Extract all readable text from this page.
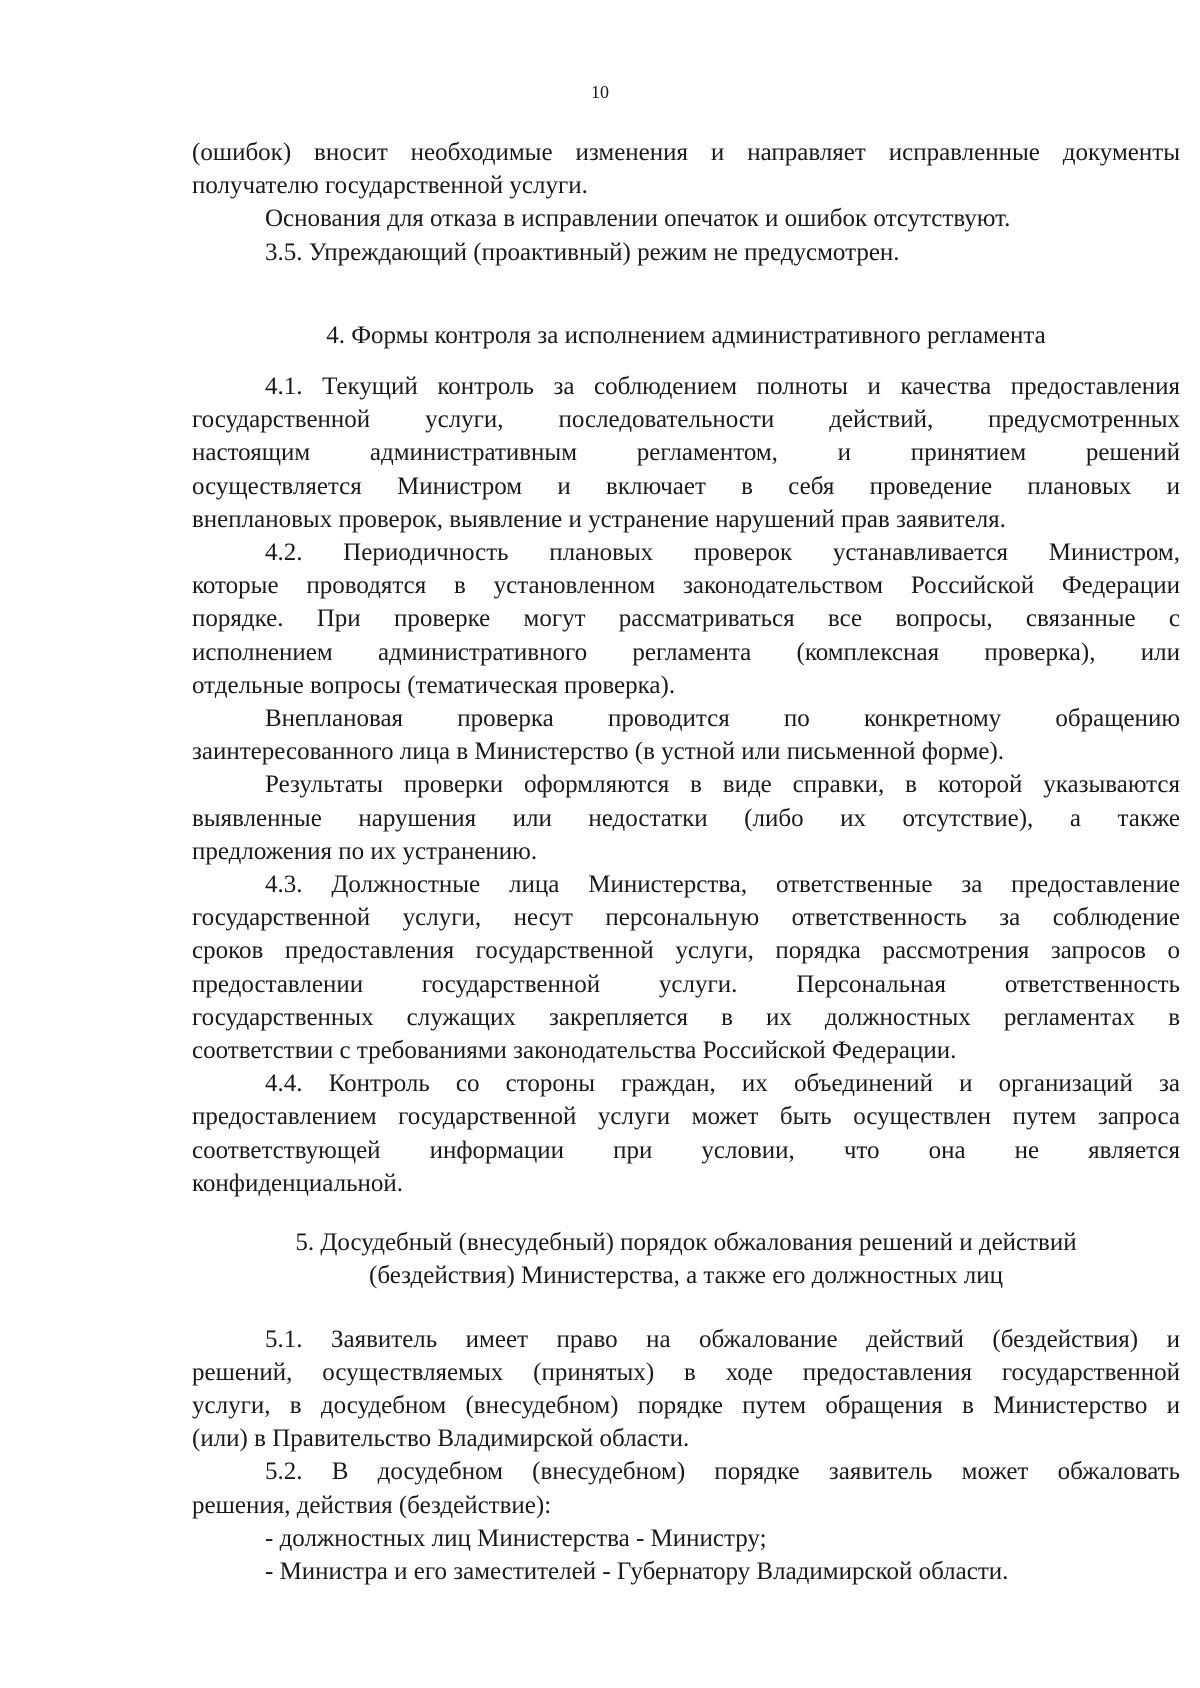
10

(ошибок) вносит необходимые изменения и направляет исправленные документы

получателю государственной услуги.

Основания для отказа в исправлении опечаток и ошибок отсутствуют.

3.5. Упреждающий (проактивный) режим не предусмотрен.

4. Формы контроля за исполнением административного регламента

4.1. Текущий контроль за соблюдением полноты и качества предоставления

государственной услуги, последовательности действий, предусмотренных

настоящим административным регламентом, и принятием решений

осуществляется Министром и включает в себя проведение плановых и

внеплановых проверок, выявление и устранение нарушений прав заявителя.

4.2. Периодичность плановых проверок устанавливается Министром,

которые проводятся в установленном законодательством Российской Федерации

порядке. При проверке могут рассматриваться все вопросы, связанные с

исполнением административного регламента (комплексная проверка), или

отдельные вопросы (тематическая проверка).

Внеплановая проверка проводится по конкретному обращению

заинтересованного лица в Министерство (в устной или письменной форме).

Результаты проверки оформляются в виде справки, в которой указываются

выявленные нарушения или недостатки (либо их отсутствие), а также

предложения по их устранению.

4.3. Должностные лица Министерства, ответственные за предоставление

государственной услуги, несут персональную ответственность за соблюдение

сроков предоставления государственной услуги, порядка рассмотрения запросов о

предоставлении государственной услуги. Персональная ответственность

государственных служащих закрепляется в их должностных регламентах в

соответствии с требованиями законодательства Российской Федерации.

4.4. Контроль со стороны граждан, их объединений и организаций за

предоставлением государственной услуги может быть осуществлен путем запроса

соответствующей информации при условии, что она не является

конфиденциальной.

5. Досудебный (внесудебный) порядок обжалования решений и действий
(бездействия) Министерства, а также его должностных лиц

5.1. Заявитель имеет право на обжалование действий (бездействия) и

решений, осуществляемых (принятых) в ходе предоставления государственной

услуги, в досудебном (внесудебном) порядке путем обращения в Министерство и

(или) в Правительство Владимирской области.

5.2. В досудебном (внесудебном) порядке заявитель может обжаловать

решения, действия (бездействие):

- должностных лиц Министерства - Министру;

- Министра и его заместителей - Губернатору Владимирской области.
